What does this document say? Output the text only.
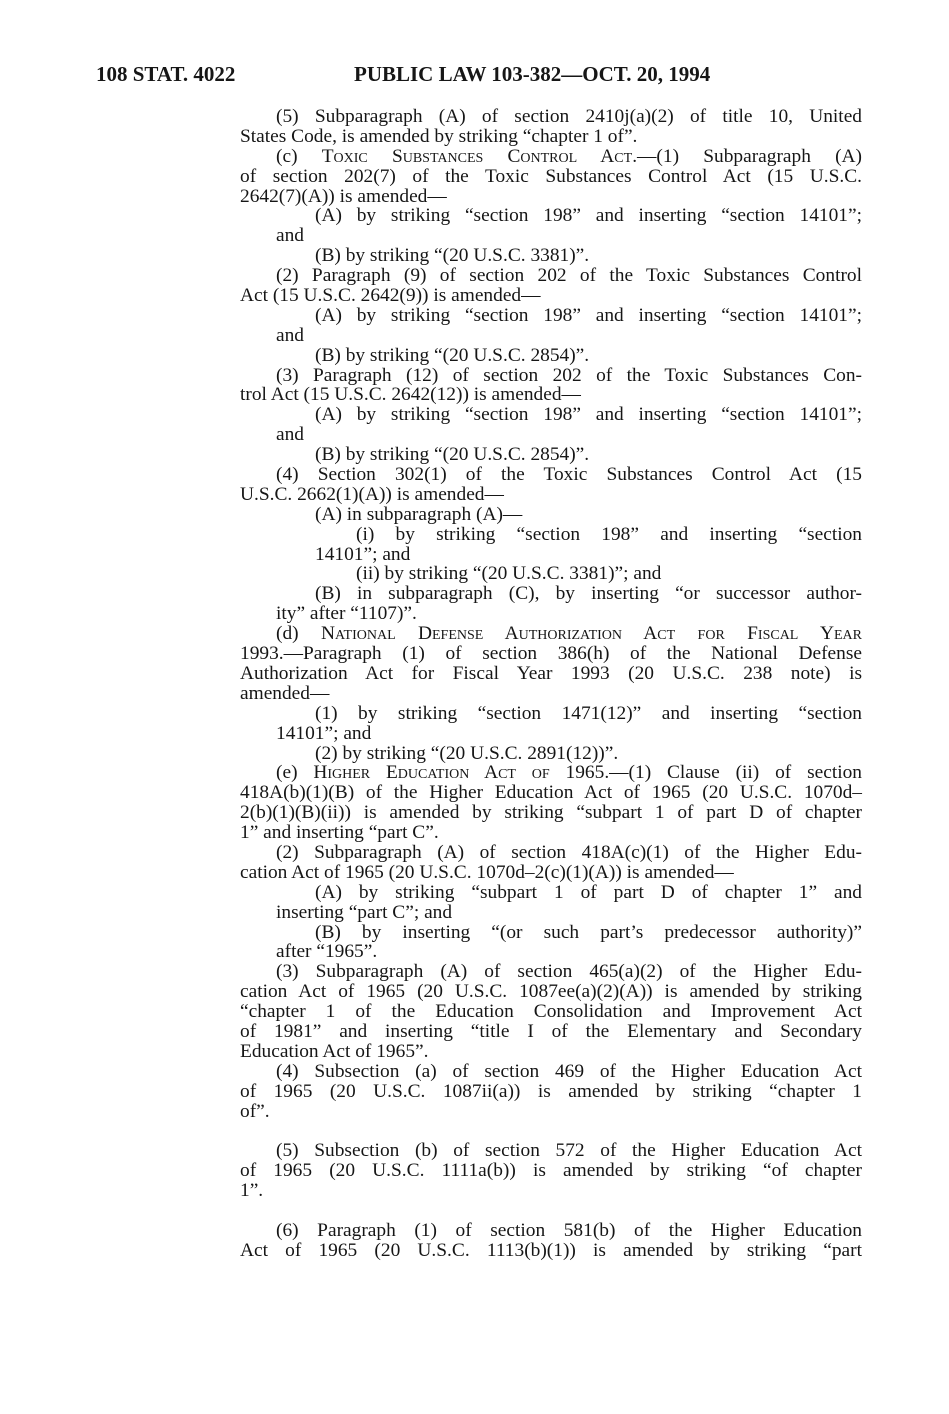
108 STAT. 4022	PUBLIC LAW 103-382—OCT. 20, 1994
(5) Subparagraph (A) of section 2410j(a)(2) of title 10, United
States Code, is amended by striking “chapter 1 of”.
(c) Toxic Substances Control Act.—(1) Subparagraph (A)
of section 202(7) of the Toxic Substances Control Act (15 U.S.C.
2642(7)(A)) is amended—
(A) by striking “section 198” and inserting “section 14101”;
and
(B) by striking “(20 U.S.C. 3381)”.
(2) Paragraph (9) of section 202 of the Toxic Substances Control
Act (15 U.S.C. 2642(9)) is amended—
(A) by striking “section 198” and inserting “section 14101”;
and
(B) by striking “(20 U.S.C. 2854)”.
(3) Paragraph (12) of section 202 of the Toxic Substances Con-
trol Act (15 U.S.C. 2642(12)) is amended—
(A) by striking “section 198” and inserting “section 14101”;
and
(B) by striking “(20 U.S.C. 2854)”.
(4) Section 302(1) of the Toxic Substances Control Act (15
U.S.C. 2662(1)(A)) is amended—
(A) in subparagraph (A)—
(i) by striking “section 198” and inserting “section
14101”; and
(ii) by striking “(20 U.S.C. 3381)”; and
(B) in subparagraph (C), by inserting “or successor author-
ity” after “1107)”.
(d) National Defense Authorization Act for Fiscal Year
1993.—Paragraph (1) of section 386(h) of the National Defense
Authorization Act for Fiscal Year 1993 (20 U.S.C. 238 note) is
amended—
(1) by striking “section 1471(12)” and inserting “section
14101”; and
(2) by striking “(20 U.S.C. 2891(12))”.
(e) Higher Education Act of 1965.—(1) Clause (ii) of section
418A(b)(1)(B) of the Higher Education Act of 1965 (20 U.S.C. 1070d–
2(b)(1)(B)(ii)) is amended by striking “subpart 1 of part D of chapter
1” and inserting “part C”.
(2) Subparagraph (A) of section 418A(c)(1) of the Higher Edu-
cation Act of 1965 (20 U.S.C. 1070d–2(c)(1)(A)) is amended—
(A) by striking “subpart 1 of part D of chapter 1” and
inserting “part C”; and
(B) by inserting “(or such part’s predecessor authority)”
after “1965”.
(3) Subparagraph (A) of section 465(a)(2) of the Higher Edu-
cation Act of 1965 (20 U.S.C. 1087ee(a)(2)(A)) is amended by striking
“chapter 1 of the Education Consolidation and Improvement Act
of 1981” and inserting “title I of the Elementary and Secondary
Education Act of 1965”.
(4) Subsection (a) of section 469 of the Higher Education Act
of 1965 (20 U.S.C. 1087ii(a)) is amended by striking “chapter 1
of”.
(5) Subsection (b) of section 572 of the Higher Education Act
of 1965 (20 U.S.C. 1111a(b)) is amended by striking “of chapter
1”.
(6) Paragraph (1) of section 581(b) of the Higher Education
Act of 1965 (20 U.S.C. 1113(b)(1)) is amended by striking “part
